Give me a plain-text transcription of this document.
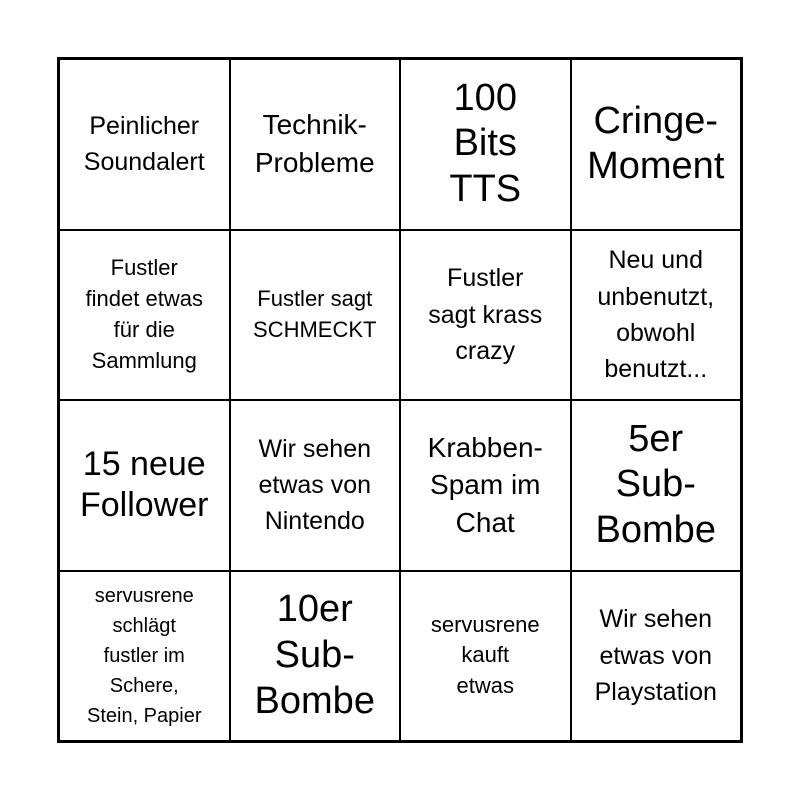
Peinlicher
Soundalert
Technik-
Probleme
100
Bits
TTS
Cringe-
Moment
Fustler
findet etwas
für die
Sammlung
Fustler sagt
SCHMECKT
Fustler
sagt krass
crazy
Neu und
unbenutzt,
obwohl
benutzt...
15 neue
Follower
Wir sehen
etwas von
Nintendo
Krabben-
Spam im
Chat
5er
Sub-
Bombe
servusrene
schlägt
fustler im
Schere,
Stein, Papier
10er
Sub-
Bombe
servusrene
kauft
etwas
Wir sehen
etwas von
Playstation
